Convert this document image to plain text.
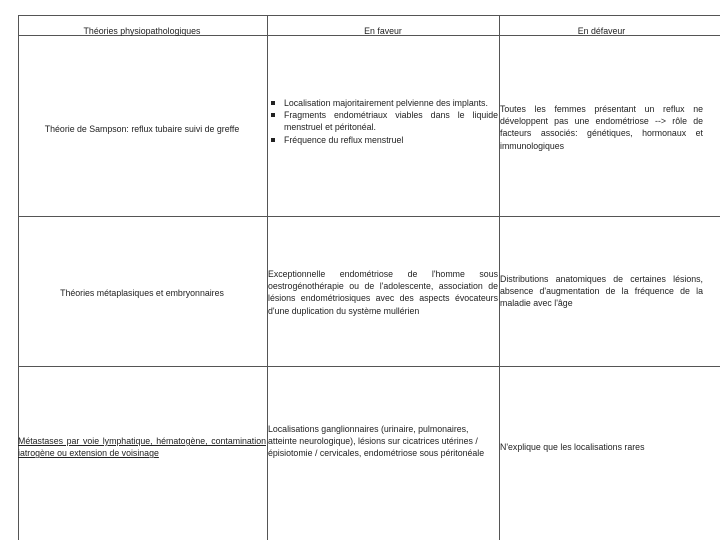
Théories physiopathologiques	En faveur	En défaveur
Théorie de Sampson: reflux tubaire suivi de greffe
Localisation majoritairement pelvienne des implants.
Fragments endométriaux viables dans le liquide menstruel et péritonéal.
Fréquence du reflux menstruel
Toutes les femmes présentant un reflux ne développent pas une endométriose --> rôle de facteurs associés: génétiques, hormonaux et immunologiques
Théories métaplasiques et embryonnaires
Exceptionnelle endométriose de l'homme sous oestrogénothérapie ou de l'adolescente, association de lésions endométriosiques avec des aspects évocateurs d'une duplication du système mullérien
Distributions anatomiques de certaines lésions, absence d'augmentation de la fréquence de la maladie avec l'âge
Métastases par voie lymphatique, hématogène, contamination iatrogène ou extension de voisinage
Localisations ganglionnaires (urinaire, pulmonaires, atteinte neurologique), lésions sur cicatrices utérines / épisiotomie / cervicales, endométriose sous péritonéale
N'explique que les localisations rares
